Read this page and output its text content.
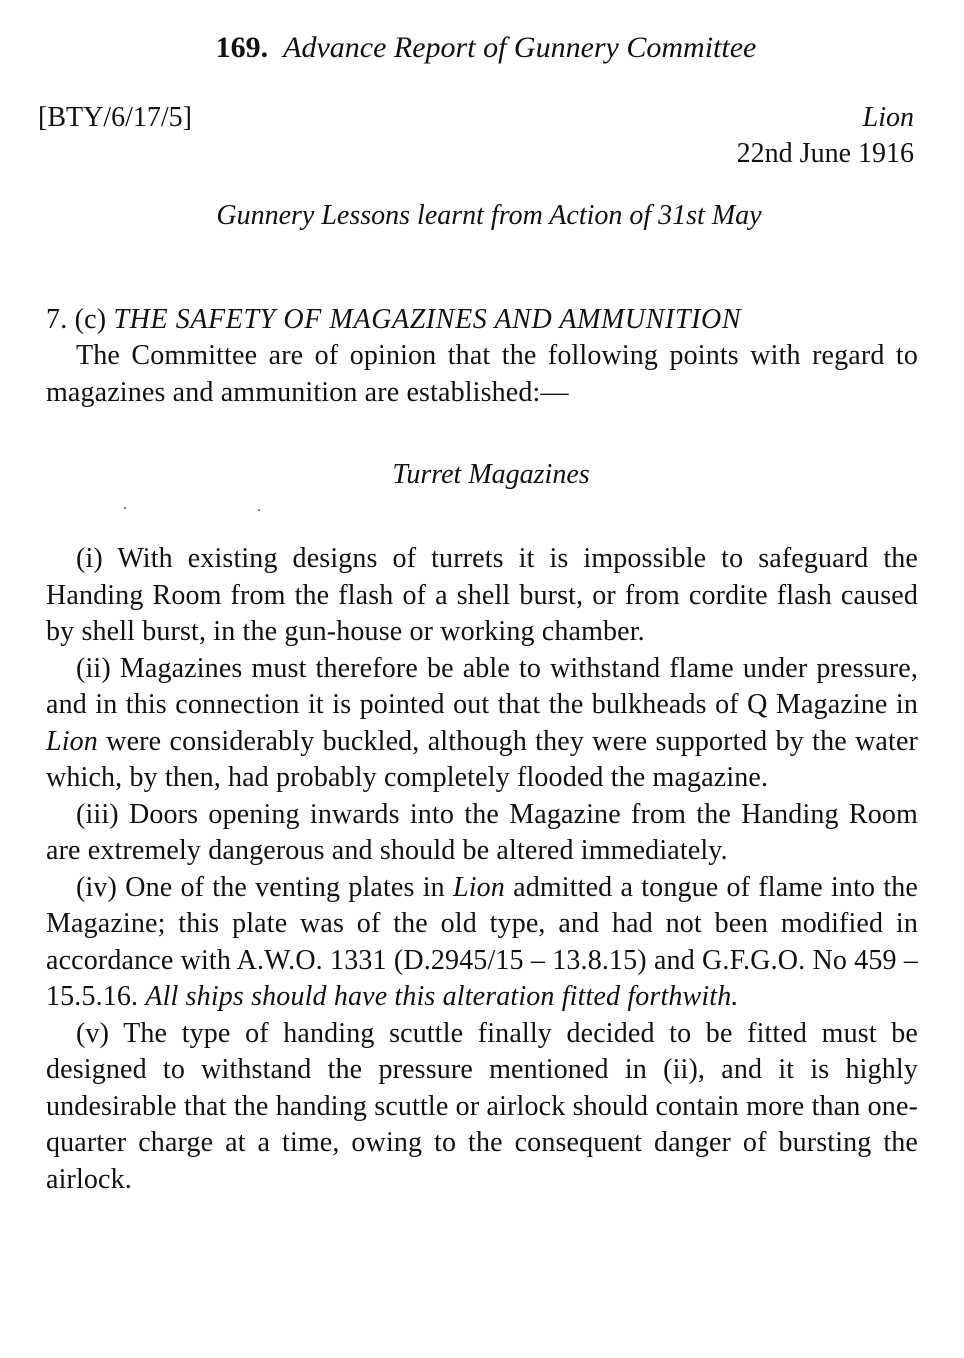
169. Advance Report of Gunnery Committee
[BTY/6/17/5]	Lion
22nd June 1916
Gunnery Lessons learnt from Action of 31st May
7. (c) THE SAFETY OF MAGAZINES AND AMMUNITION

The Committee are of opinion that the following points with regard to magazines and ammunition are established:—

Turret Magazines

(i) With existing designs of turrets it is impossible to safeguard the Handing Room from the flash of a shell burst, or from cordite flash caused by shell burst, in the gun-house or working chamber.

(ii) Magazines must therefore be able to withstand flame under pressure, and in this connection it is pointed out that the bulkheads of Q Magazine in Lion were considerably buckled, although they were supported by the water which, by then, had probably completely flooded the magazine.

(iii) Doors opening inwards into the Magazine from the Handing Room are extremely dangerous and should be altered immediately.

(iv) One of the venting plates in Lion admitted a tongue of flame into the Magazine; this plate was of the old type, and had not been modified in accordance with A.W.O. 1331 (D.2945/15 – 13.8.15) and G.F.G.O. No 459 – 15.5.16. All ships should have this alteration fitted forthwith.

(v) The type of handing scuttle finally decided to be fitted must be designed to withstand the pressure mentioned in (ii), and it is highly undesirable that the handing scuttle or airlock should contain more than one-quarter charge at a time, owing to the consequent danger of bursting the airlock.
